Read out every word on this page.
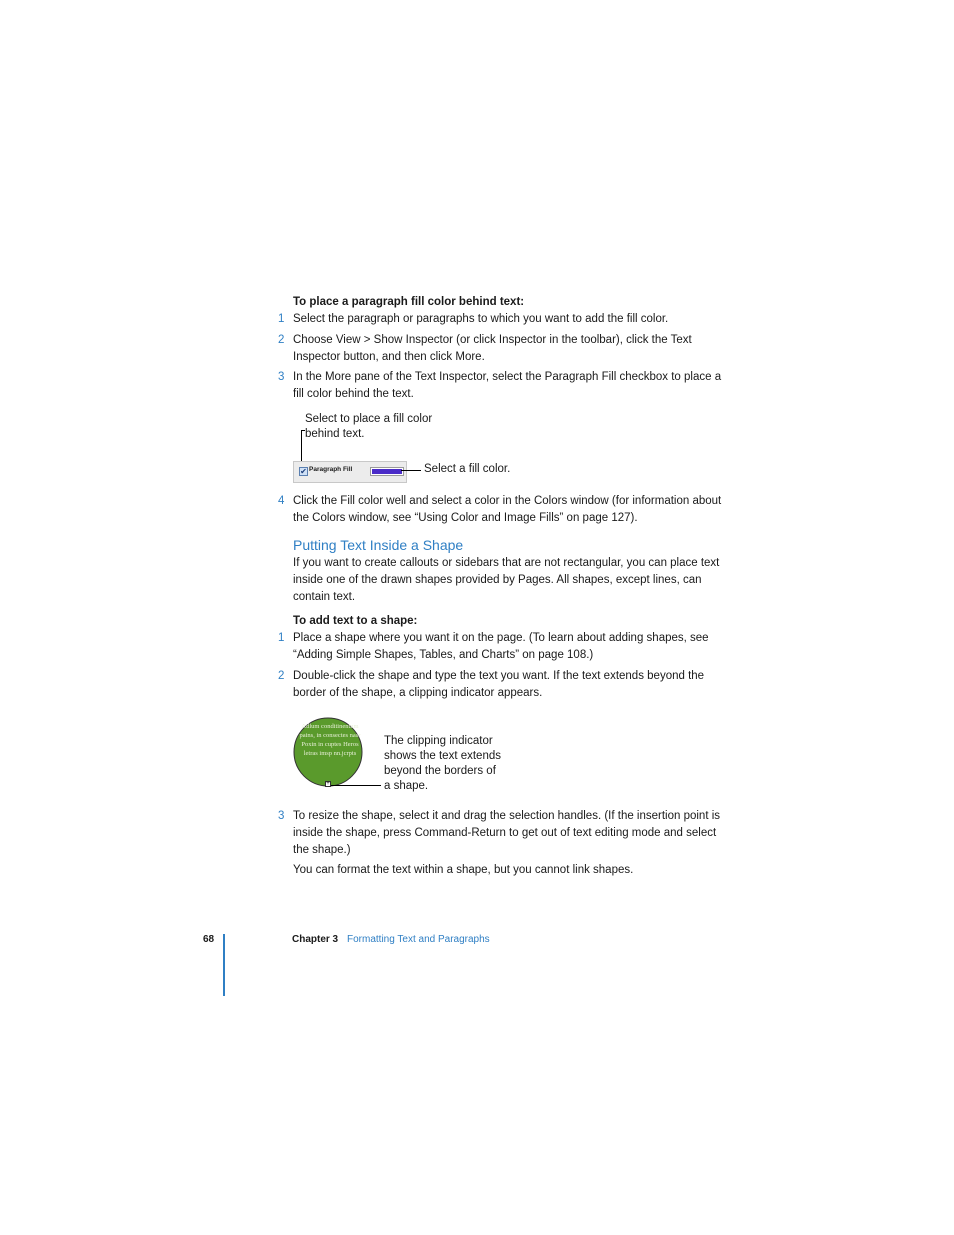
To place a paragraph fill color behind text:
1 Select the paragraph or paragraphs to which you want to add the fill color.
2 Choose View > Show Inspector (or click Inspector in the toolbar), click the Text Inspector button, and then click More.
3 In the More pane of the Text Inspector, select the Paragraph Fill checkbox to place a fill color behind the text.
Select to place a fill color behind text.
✔ Paragraph Fill	Select a fill color.
4 Click the Fill color well and select a color in the Colors window (for information about the Colors window, see “Using Color and Image Fills” on page 127).
Putting Text Inside a Shape
If you want to create callouts or sidebars that are not rectangular, you can place text inside one of the drawn shapes provided by Pages. All shapes, except lines, can contain text.
To add text to a shape:
1 Place a shape where you want it on the page. (To learn about adding shapes, see “Adding Simple Shapes, Tables, and Charts” on page 108.)
2 Double-click the shape and type the text you want. If the text extends beyond the border of the shape, a clipping indicator appears.
Adlum conditinentum pains, in consectes nasr Poxin in cuptes Heros letras imsp nn.jcrpts
+
The clipping indicator shows the text extends beyond the borders of a shape.
3 To resize the shape, select it and drag the selection handles. (If the insertion point is inside the shape, press Command-Return to get out of text editing mode and select the shape.)
You can format the text within a shape, but you cannot link shapes.
68	Chapter 3 Formatting Text and Paragraphs
